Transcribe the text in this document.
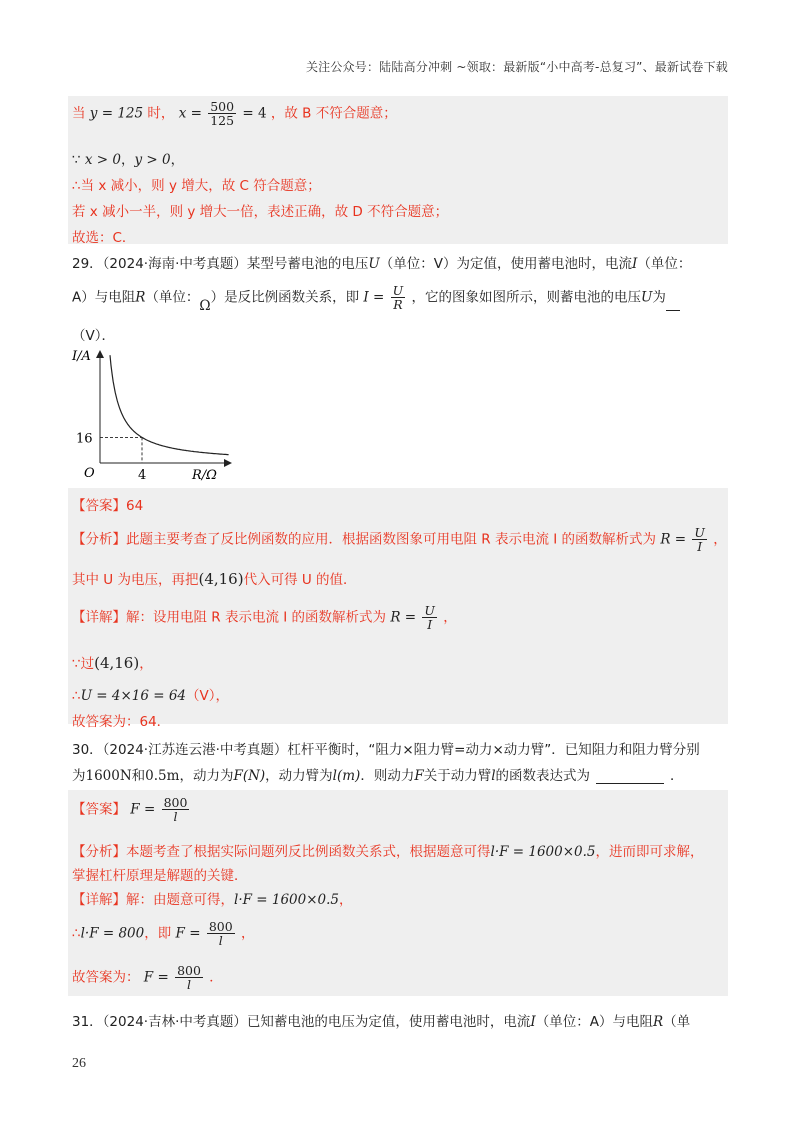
关注公众号：陆陆高分冲刺 ~领取：最新版“小中高考-总复习”、最新试卷下载
当 y = 125 时， $x = \frac{500}{125} = 4$ ，故 B 不符合题意；
∵ x > 0，y > 0，
∴当 x 减小，则 y 增大，故 C 符合题意；
若 x 减小一半，则 y 增大一倍，表述正确，故 D 不符合题意；
故选：C．
29．（2024·海南·中考真题）某型号蓄电池的电压U（单位：V）为定值，使用蓄电池时，电流I（单位：
A）与电阻R（单位：Ω）是反比例函数关系，即 $I = \frac{U}{R}$ ，它的图象如图所示，则蓄电池的电压U为
（V）．
I/A
R/Ω
O
16
4
【答案】64
【分析】此题主要考查了反比例函数的应用．根据函数图象可用电阻 R 表示电流 I 的函数解析式为 $R = \frac{U}{I}$ ，
其中 U 为电压，再把(4,16)代入可得 U 的值．
【详解】解：设用电阻 R 表示电流 I 的函数解析式为 $R = \frac{U}{I}$ ，
∵过(4,16)，
∴U = 4×16 = 64（V），
故答案为：64．
30．（2024·江苏连云港·中考真题）杠杆平衡时，“阻力×阻力臂=动力×动力臂”．已知阻力和阻力臂分别
为1600N和0.5m，动力为F(N)，动力臂为l(m)．则动力F关于动力臂l的函数表达式为	．
【答案】 $F = \frac{800}{l}$
【分析】本题考查了根据实际问题列反比例函数关系式，根据题意可得l·F = 1600×0.5，进而即可求解，
掌握杠杆原理是解题的关键．
【详解】解：由题意可得，l·F = 1600×0.5，
∴l·F = 800，即 $F = \frac{800}{l}$ ，
故答案为： $F = \frac{800}{l}$ ．
31．（2024·吉林·中考真题）已知蓄电池的电压为定值，使用蓄电池时，电流I（单位：A）与电阻R（单
26
